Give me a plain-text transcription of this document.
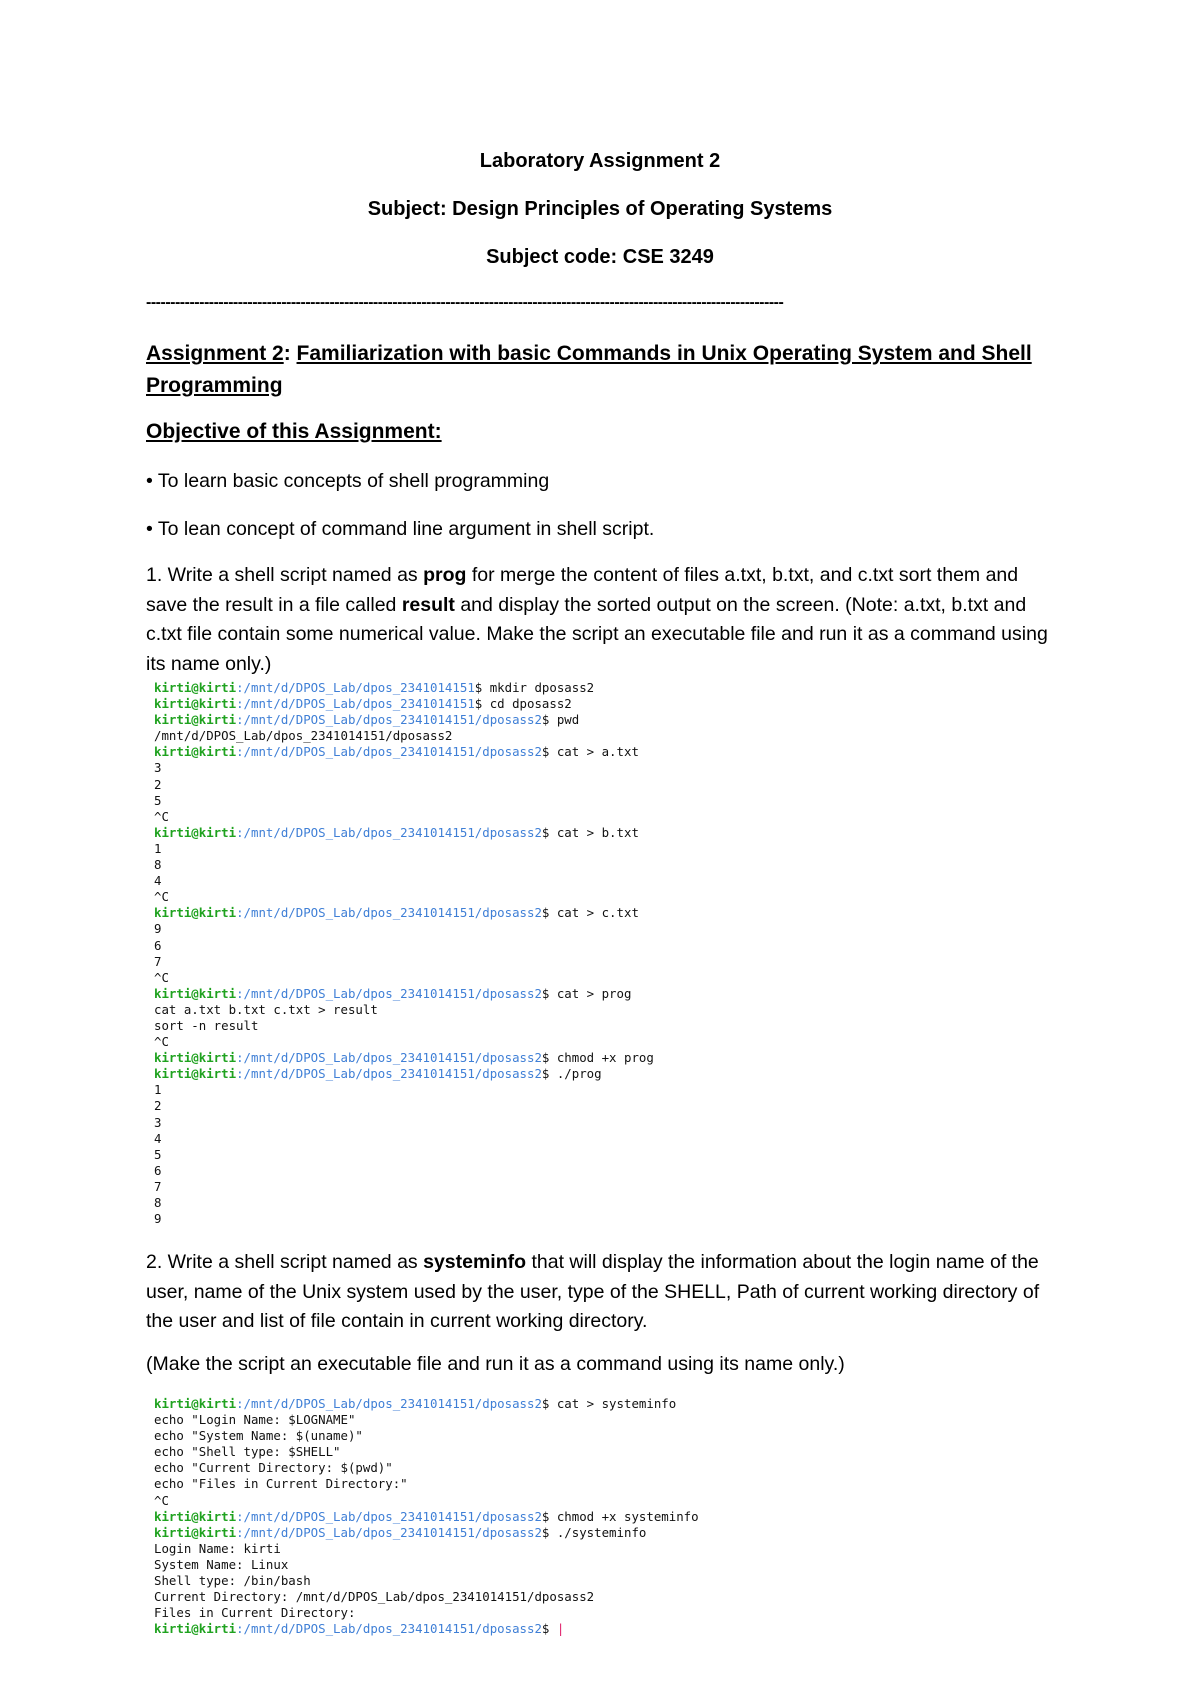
Laboratory Assignment 2
Subject: Design Principles of Operating Systems
Subject code: CSE 3249
------------------------------------------------------------------------------------------------------------------------------------
Assignment 2: Familiarization with basic Commands in Unix Operating System and Shell
Programming
Objective of this Assignment:
• To learn basic concepts of shell programming
• To lean concept of command line argument in shell script.
1. Write a shell script named as prog for merge the content of files a.txt, b.txt, and c.txt sort them and save the result in a file called result and display the sorted output on the screen. (Note: a.txt, b.txt and c.txt file contain some numerical value. Make the script an executable file and run it as a command using its name only.)
kirti@kirti:/mnt/d/DPOS_Lab/dpos_2341014151$ mkdir dposass2
kirti@kirti:/mnt/d/DPOS_Lab/dpos_2341014151$ cd dposass2
kirti@kirti:/mnt/d/DPOS_Lab/dpos_2341014151/dposass2$ pwd
/mnt/d/DPOS_Lab/dpos_2341014151/dposass2
kirti@kirti:/mnt/d/DPOS_Lab/dpos_2341014151/dposass2$ cat > a.txt
3
2
5
^C
kirti@kirti:/mnt/d/DPOS_Lab/dpos_2341014151/dposass2$ cat > b.txt
1
8
4
^C
kirti@kirti:/mnt/d/DPOS_Lab/dpos_2341014151/dposass2$ cat > c.txt
9
6
7
^C
kirti@kirti:/mnt/d/DPOS_Lab/dpos_2341014151/dposass2$ cat > prog
cat a.txt b.txt c.txt > result
sort -n result
^C
kirti@kirti:/mnt/d/DPOS_Lab/dpos_2341014151/dposass2$ chmod +x prog
kirti@kirti:/mnt/d/DPOS_Lab/dpos_2341014151/dposass2$ ./prog
1
2
3
4
5
6
7
8
9
2. Write a shell script named as systeminfo that will display the information about the login name of the user, name of the Unix system used by the user, type of the SHELL, Path of current working directory of the user and list of file contain in current working directory.
(Make the script an executable file and run it as a command using its name only.)
kirti@kirti:/mnt/d/DPOS_Lab/dpos_2341014151/dposass2$ cat > systeminfo
echo "Login Name: $LOGNAME"
echo "System Name: $(uname)"
echo "Shell type: $SHELL"
echo "Current Directory: $(pwd)"
echo "Files in Current Directory:"
^C
kirti@kirti:/mnt/d/DPOS_Lab/dpos_2341014151/dposass2$ chmod +x systeminfo
kirti@kirti:/mnt/d/DPOS_Lab/dpos_2341014151/dposass2$ ./systeminfo
Login Name: kirti
System Name: Linux
Shell type: /bin/bash
Current Directory: /mnt/d/DPOS_Lab/dpos_2341014151/dposass2
Files in Current Directory:
kirti@kirti:/mnt/d/DPOS_Lab/dpos_2341014151/dposass2$ |
